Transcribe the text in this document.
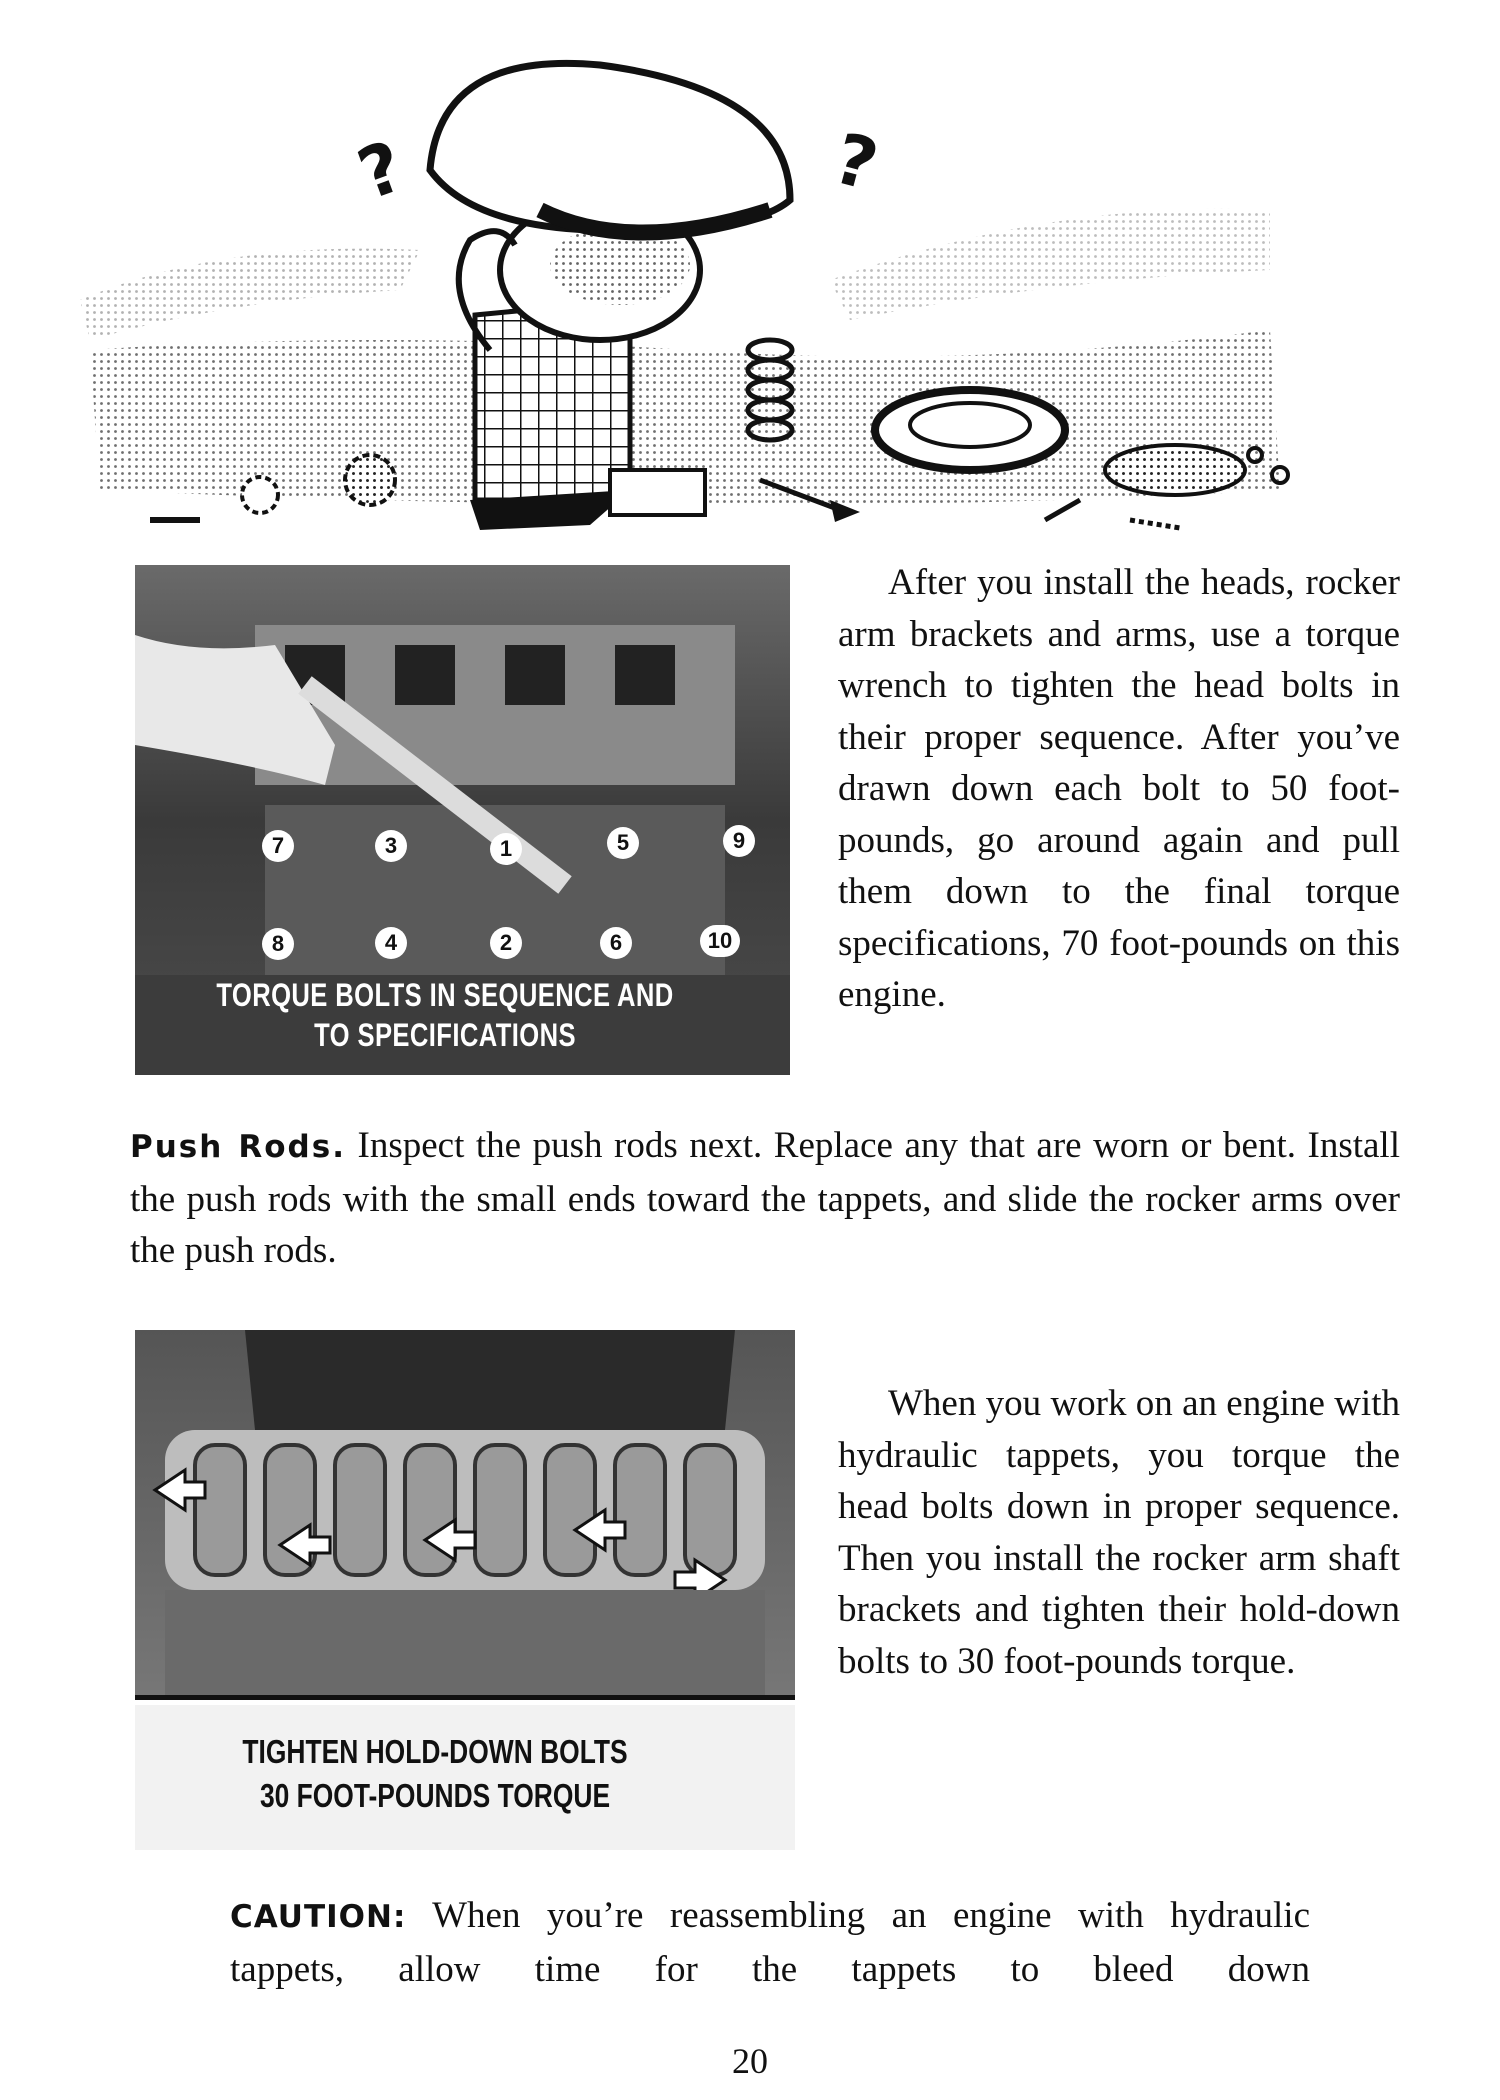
?	?
7	3	1	5	9
8	4	2	6	10
TORQUE BOLTS IN SEQUENCE AND TO SPECIFICATIONS
After you install the heads, rocker arm brackets and arms, use a torque wrench to tighten the head bolts in their proper sequence. After you’ve drawn down each bolt to 50 foot-pounds, go around again and pull them down to the final torque specifications, 70 foot-pounds on this engine.
Push Rods. Inspect the push rods next. Replace any that are worn or bent. Install the push rods with the small ends toward the tappets, and slide the rocker arms over the push rods.
TIGHTEN HOLD-DOWN BOLTS
30 FOOT-POUNDS TORQUE
When you work on an engine with hydraulic tappets, you torque the head bolts down in proper sequence. Then you install the rocker arm shaft brackets and tighten their hold-down bolts to 30 foot-pounds torque.
CAUTION: When you’re reassembling an engine with hydraulic tappets, allow time for the tappets to bleed down
20
